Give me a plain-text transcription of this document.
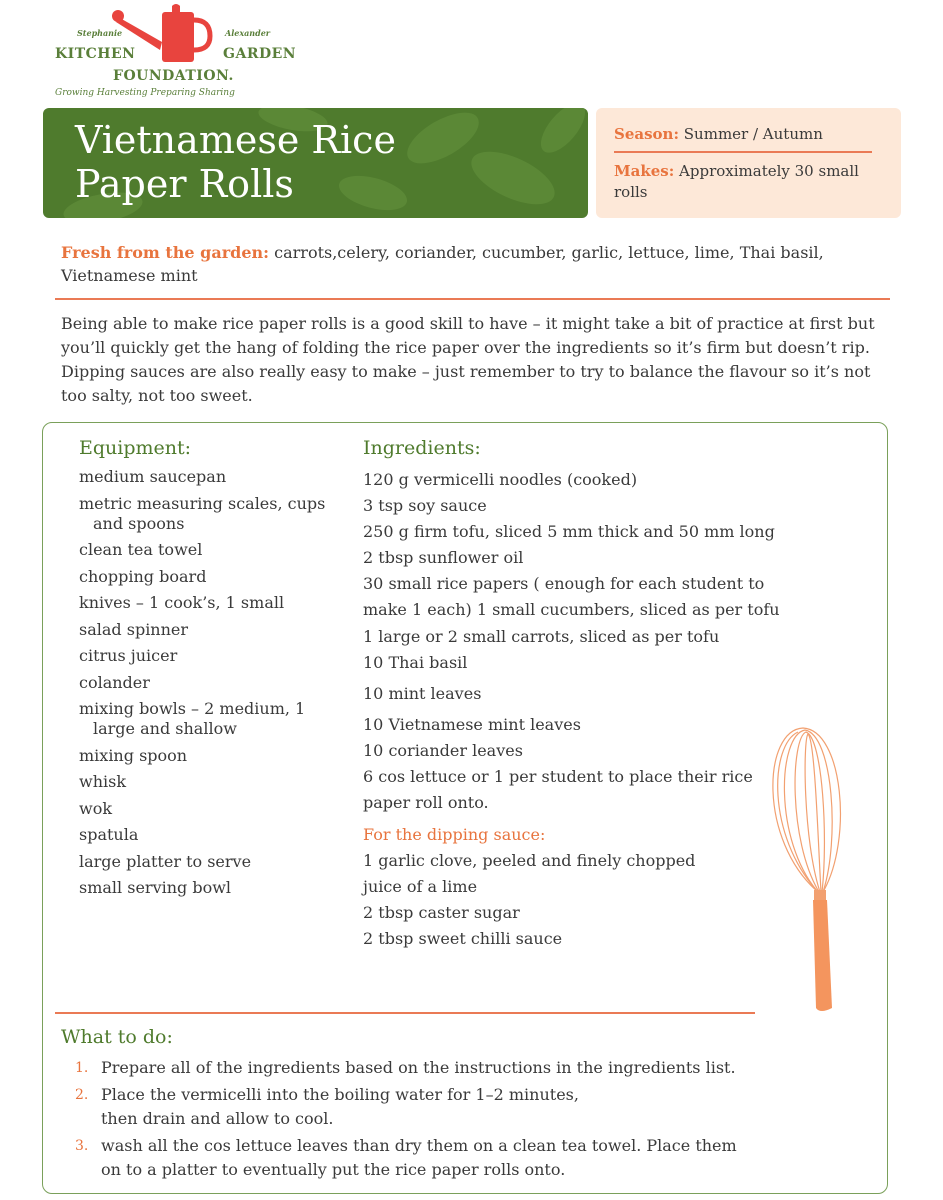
Stephanie	Alexander
KITCHEN	GARDEN
FOUNDATION.
Growing Harvesting Preparing Sharing
Vietnamese Rice Paper Rolls
Season: Summer / Autumn
Makes: Approximately 30 small rolls
Fresh from the garden: carrots,celery, coriander, cucumber, garlic, lettuce, lime, Thai basil, Vietnamese mint
Being able to make rice paper rolls is a good skill to have – it might take a bit of practice at first but you’ll quickly get the hang of folding the rice paper over the ingredients so it’s firm but doesn’t rip. Dipping sauces are also really easy to make – just remember to try to balance the flavour so it’s not too salty, not too sweet.
Equipment:	Ingredients:
medium saucepan
metric measuring scales, cups and spoons
clean tea towel
chopping board
knives – 1 cook’s, 1 small
salad spinner
citrus juicer
colander
mixing bowls – 2 medium, 1 large and shallow
mixing spoon
whisk
wok
spatula
large platter to serve
small serving bowl
120 g vermicelli noodles (cooked)
3 tsp soy sauce
250 g firm tofu, sliced 5 mm thick and 50 mm long
2 tbsp sunflower oil
30 small rice papers ( enough for each student to make 1 each) 1 small cucumbers, sliced as per tofu
1 large or 2 small carrots, sliced as per tofu
10 Thai basil
10 mint leaves
10 Vietnamese mint leaves
10 coriander leaves
6 cos lettuce or 1 per student to place their rice paper roll onto.
For the dipping sauce:
1 garlic clove, peeled and finely chopped
juice of a lime
2 tbsp caster sugar
2 tbsp sweet chilli sauce
What to do:
1. Prepare all of the ingredients based on the instructions in the ingredients list.
2. Place the vermicelli into the boiling water for 1–2 minutes,
then drain and allow to cool.
3. wash all the cos lettuce leaves than dry them on a clean tea towel. Place them
on to a platter to eventually put the rice paper rolls onto.
